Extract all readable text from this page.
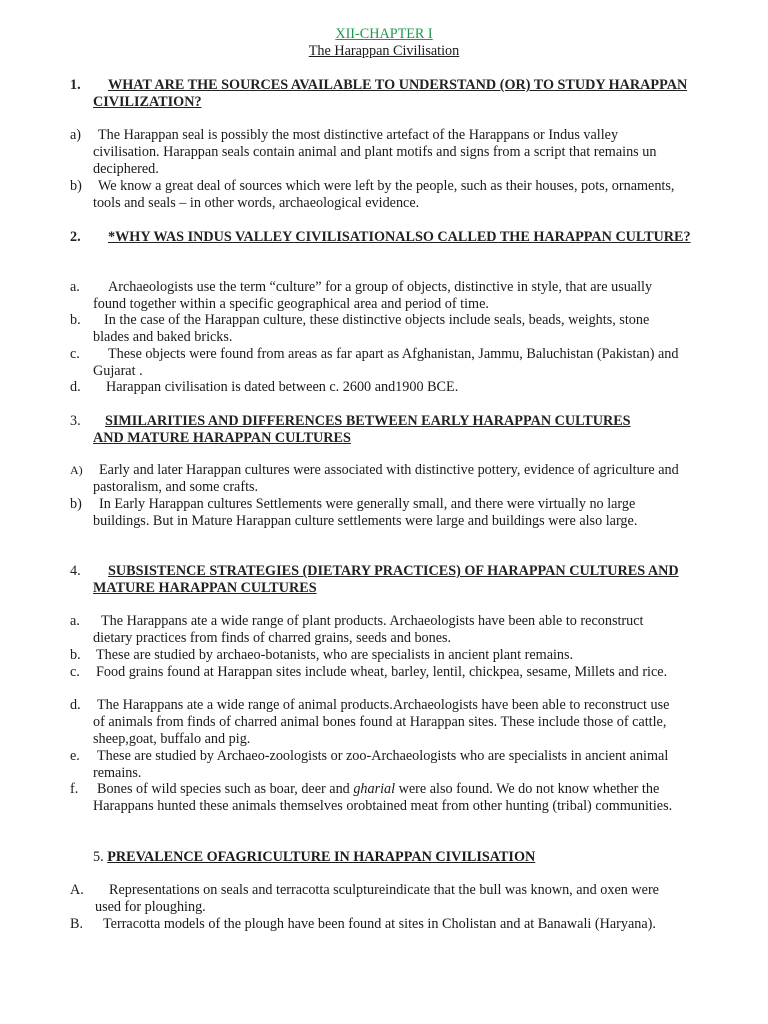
XII-CHAPTER I
The Harappan Civilisation
1.	WHAT ARE THE SOURCES AVAILABLE TO UNDERSTAND (OR) TO STUDY HARAPPAN CIVILIZATION?
a)	The Harappan seal is possibly the most distinctive artefact of the Harappans or Indus valley civilisation. Harappan seals contain animal and plant motifs and signs from a script that remains un deciphered.
b)	We know a great deal of sources which were left by the people, such as their houses, pots, ornaments, tools and seals – in other words, archaeological evidence.
2.	*WHY WAS INDUS VALLEY CIVILISATIONALSO CALLED THE HARAPPAN CULTURE?
a.	Archaeologists use the term “culture” for a group of objects, distinctive in style, that are usually found together within a specific geographical area and period of time.
b.	In the case of the Harappan culture, these distinctive objects include seals, beads, weights, stone blades and baked bricks.
c.	These objects were found from areas as far apart as Afghanistan, Jammu, Baluchistan (Pakistan) and Gujarat .
d.	Harappan civilisation is dated between c. 2600 and1900 BCE.
3.	SIMILARITIES AND DIFFERENCES BETWEEN EARLY HARAPPAN CULTURES
AND MATURE HARAPPAN CULTURES
A)	Early and later Harappan cultures were associated with distinctive pottery, evidence of agriculture and pastoralism, and some crafts.
b)	In Early Harappan cultures Settlements were generally small, and there were virtually no large buildings. But in Mature Harappan culture settlements were large and buildings were also large.
4.	SUBSISTENCE STRATEGIES (DIETARY PRACTICES) OF HARAPPAN CULTURES AND MATURE HARAPPAN CULTURES
a.	The Harappans ate a wide range of plant products. Archaeologists have been able to reconstruct dietary practices from finds of charred grains, seeds and bones.
b.	These are studied by archaeo-botanists, who are specialists in ancient plant remains.
c.	Food grains found at Harappan sites include wheat, barley, lentil, chickpea, sesame, Millets and rice.
d.	The Harappans ate a wide range of animal products.Archaeologists have been able to reconstruct use of animals from finds of charred animal bones found at Harappan sites. These include those of cattle, sheep,goat, buffalo and pig.
e.	These are studied by Archaeo-zoologists or zoo-Archaeologists who are specialists in ancient animal remains.
f.	Bones of wild species such as boar, deer and gharial were also found. We do not know whether the Harappans hunted these animals themselves orobtained meat from other hunting (tribal) communities.
5. PREVALENCE OFAGRICULTURE IN HARAPPAN CIVILISATION
A.	Representations on seals and terracotta sculptureindicate that the bull was known, and oxen were used for ploughing.
B.	Terracotta models of the plough have been found at sites in Cholistan and at Banawali (Haryana).
